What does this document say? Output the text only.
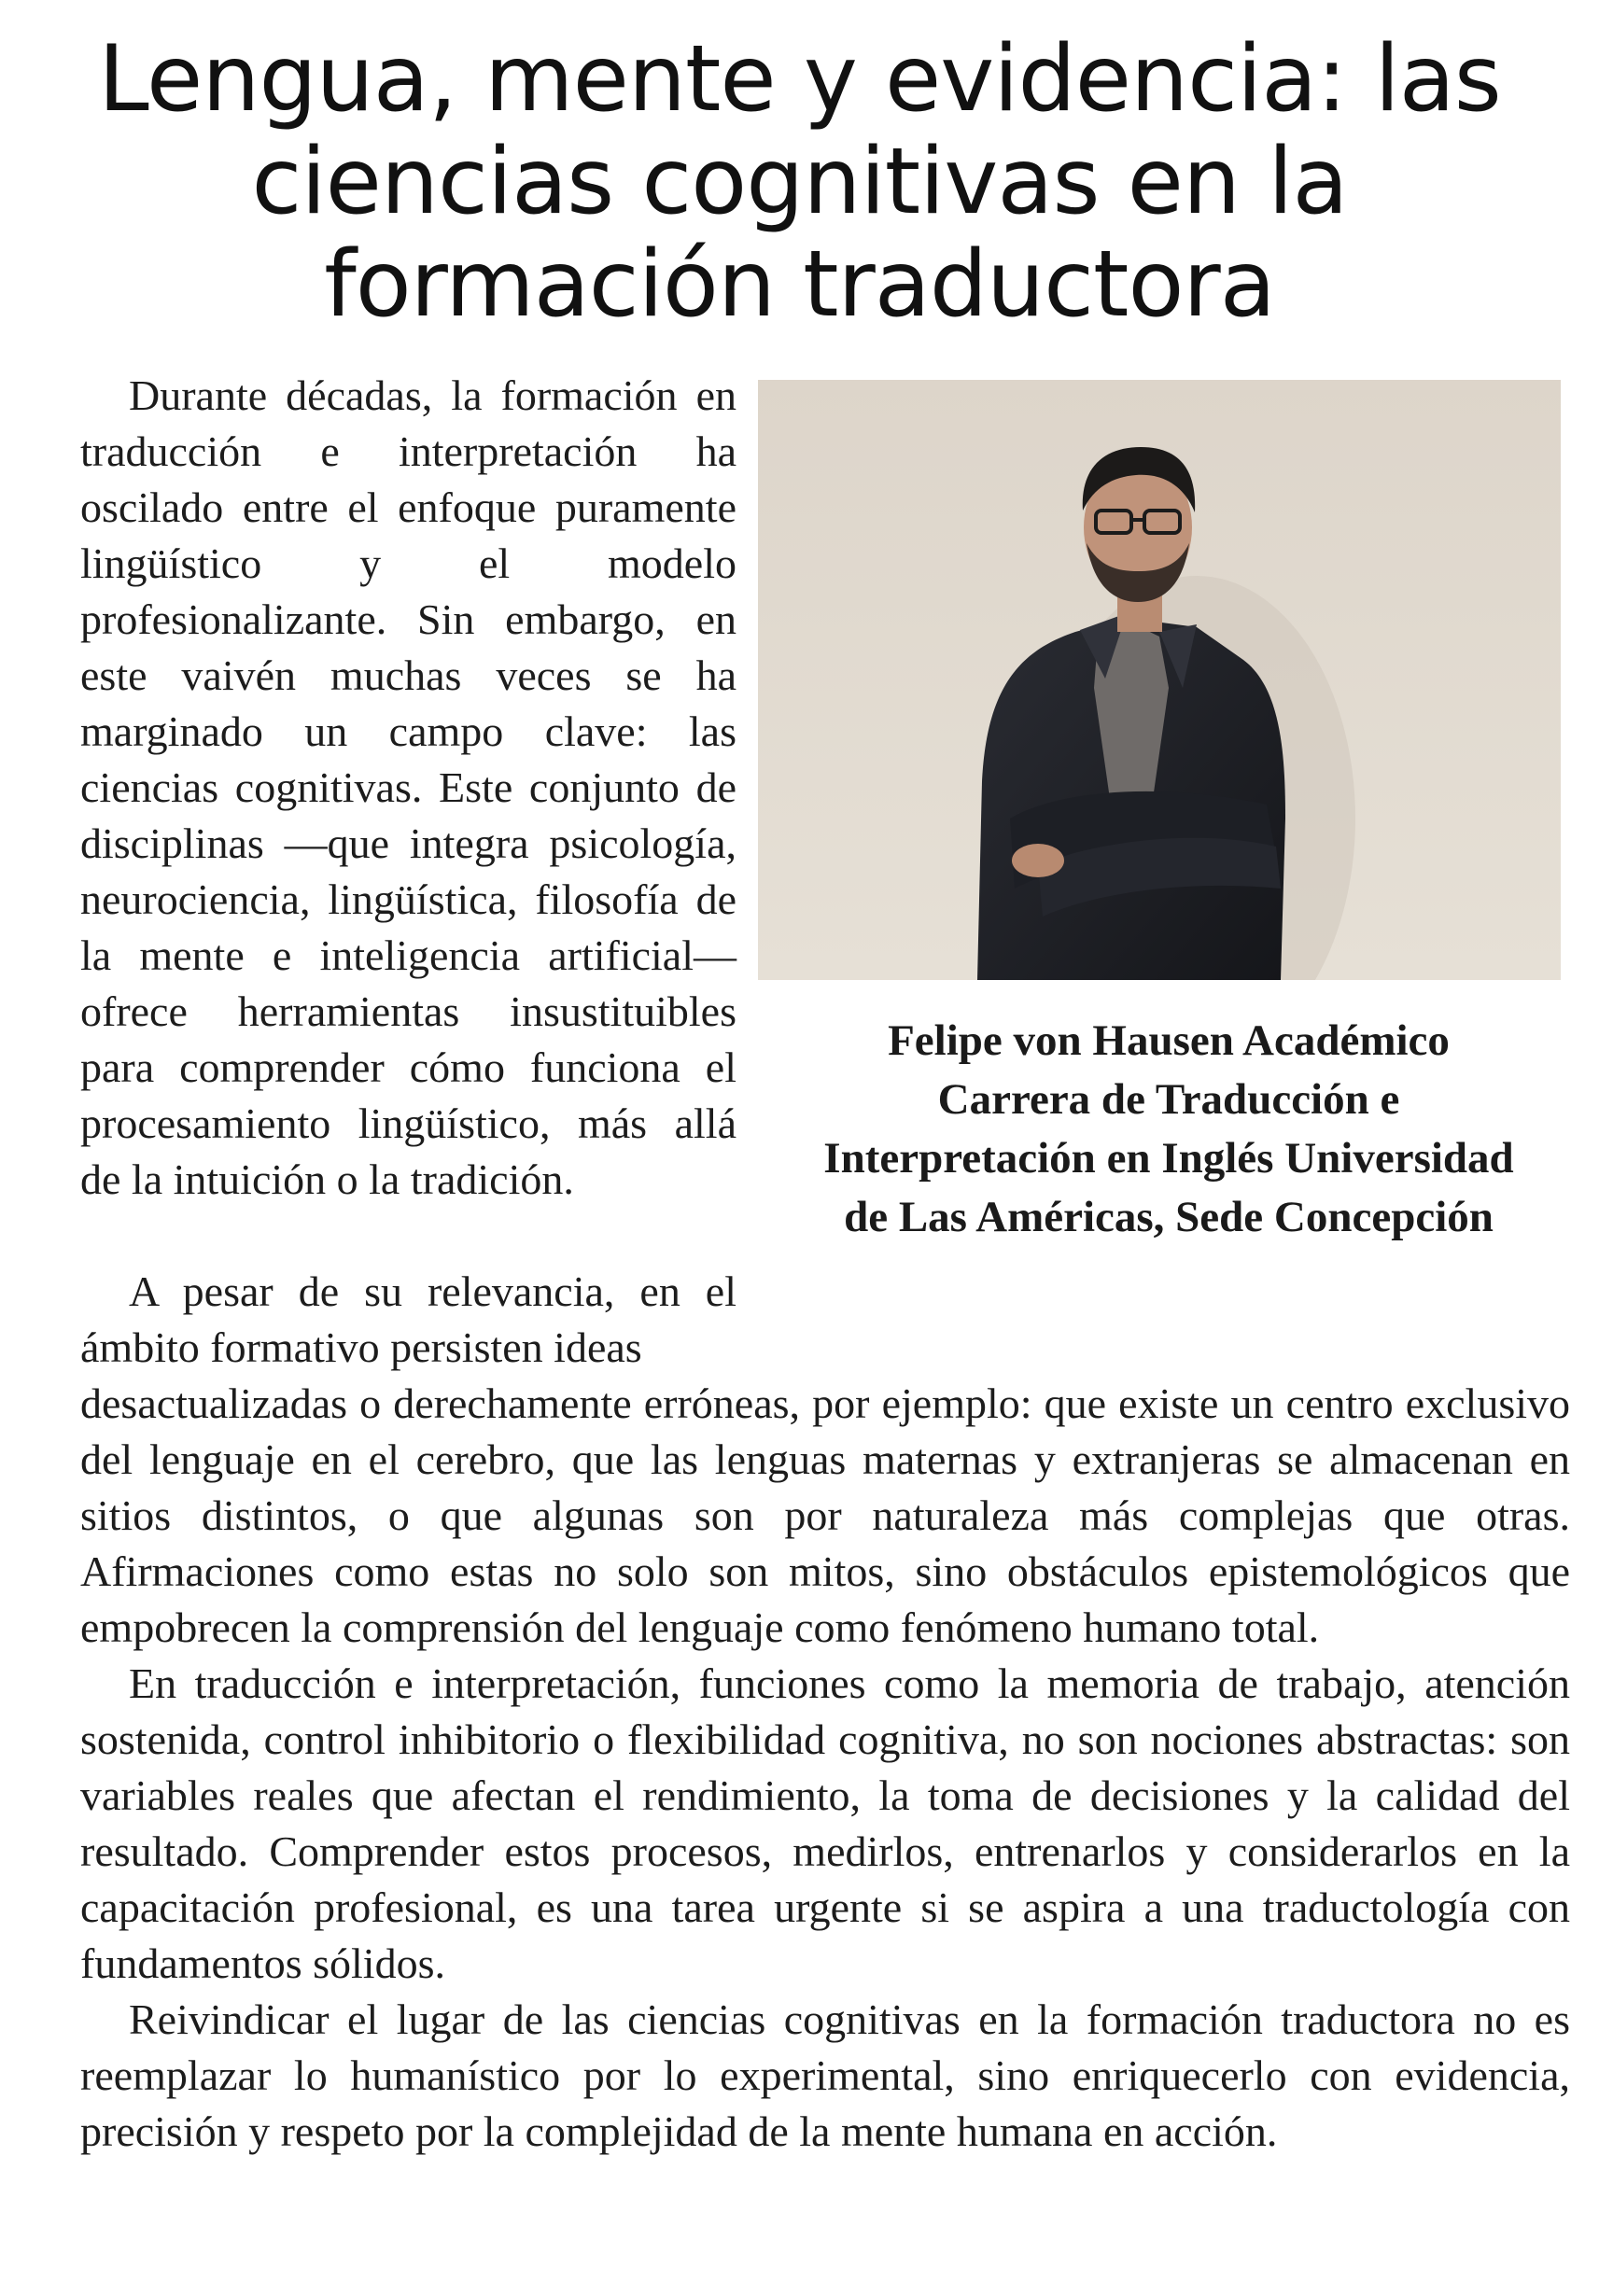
Lengua, mente y evidencia: las
ciencias cognitivas en la
formación traductora

Durante décadas, la formación en traducción e interpretación ha oscilado entre el enfoque puramente lingüístico y el modelo profesionalizante. Sin embargo, en este vaivén muchas veces se ha marginado un campo clave: las ciencias cognitivas. Este conjunto de disciplinas —que integra psicología, neurociencia, lingüística, filosofía de la mente e inteligencia artificial— ofrece herramientas insustituibles para comprender cómo funciona el procesamiento lingüístico, más allá de la intuición o la tradición.

A pesar de su relevancia, en el ámbito formativo persisten ideas

desactualizadas o derechamente erróneas, por ejemplo: que existe un centro exclusivo del lenguaje en el cerebro, que las lenguas maternas y extranjeras se almacenan en sitios distintos, o que algunas son por naturaleza más complejas que otras. Afirmaciones como estas no solo son mitos, sino obstáculos epistemológicos que empobrecen la comprensión del lenguaje como fenómeno humano total.

En traducción e interpretación, funciones como la memoria de trabajo, atención sostenida, control inhibitorio o flexibilidad cognitiva, no son nociones abstractas: son variables reales que afectan el rendimiento, la toma de decisiones y la calidad del resultado. Comprender estos procesos, medirlos, entrenarlos y considerarlos en la capacitación profesional, es una tarea urgente si se aspira a una traductología con fundamentos sólidos.

Reivindicar el lugar de las ciencias cognitivas en la formación traductora no es reemplazar lo humanístico por lo experimental, sino enriquecerlo con evidencia, precisión y respeto por la complejidad de la mente humana en acción.

Felipe von Hausen Académico
Carrera de Traducción e
Interpretación en Inglés Universidad
de Las Américas, Sede Concepción
